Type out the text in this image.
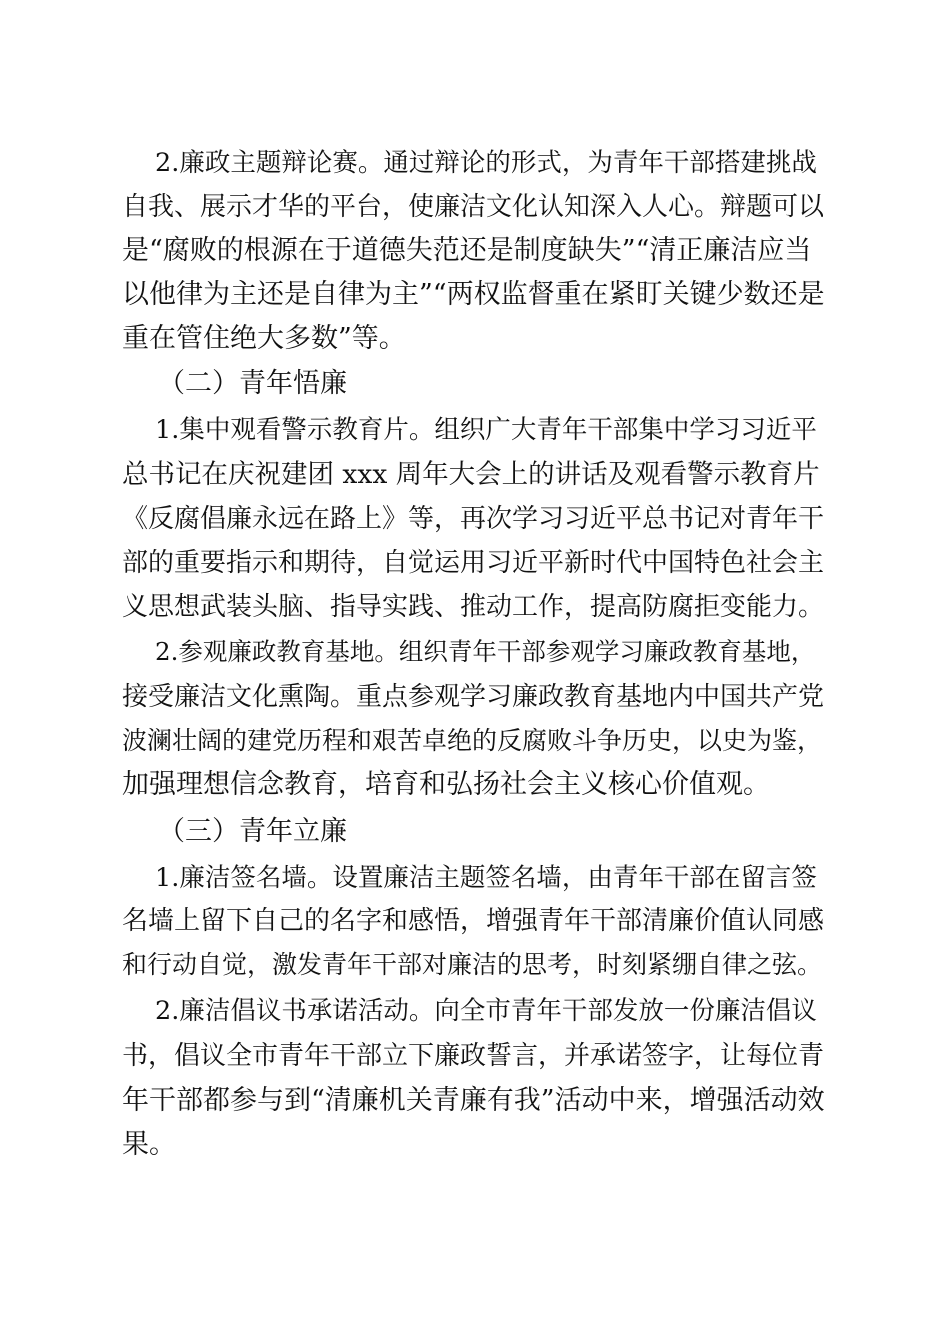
2.廉政主题辩论赛。通过辩论的形式，为青年干部搭建挑战
自我、展示才华的平台，使廉洁文化认知深入人心。辩题可以
是“腐败的根源在于道德失范还是制度缺失”“清正廉洁应当
以他律为主还是自律为主”“两权监督重在紧盯关键少数还是
重在管住绝大多数”等。
（二）青年悟廉
1.集中观看警示教育片。组织广大青年干部集中学习习近平
总书记在庆祝建团 xxx 周年大会上的讲话及观看警示教育片
《反腐倡廉永远在路上》等，再次学习习近平总书记对青年干
部的重要指示和期待，自觉运用习近平新时代中国特色社会主
义思想武装头脑、指导实践、推动工作，提高防腐拒变能力。
2.参观廉政教育基地。组织青年干部参观学习廉政教育基地，
接受廉洁文化熏陶。重点参观学习廉政教育基地内中国共产党
波澜壮阔的建党历程和艰苦卓绝的反腐败斗争历史，以史为鉴，
加强理想信念教育，培育和弘扬社会主义核心价值观。
（三）青年立廉
1.廉洁签名墙。设置廉洁主题签名墙，由青年干部在留言签
名墙上留下自己的名字和感悟，增强青年干部清廉价值认同感
和行动自觉，激发青年干部对廉洁的思考，时刻紧绷自律之弦。
2.廉洁倡议书承诺活动。向全市青年干部发放一份廉洁倡议
书，倡议全市青年干部立下廉政誓言，并承诺签字，让每位青
年干部都参与到“清廉机关青廉有我”活动中来，增强活动效
果。
